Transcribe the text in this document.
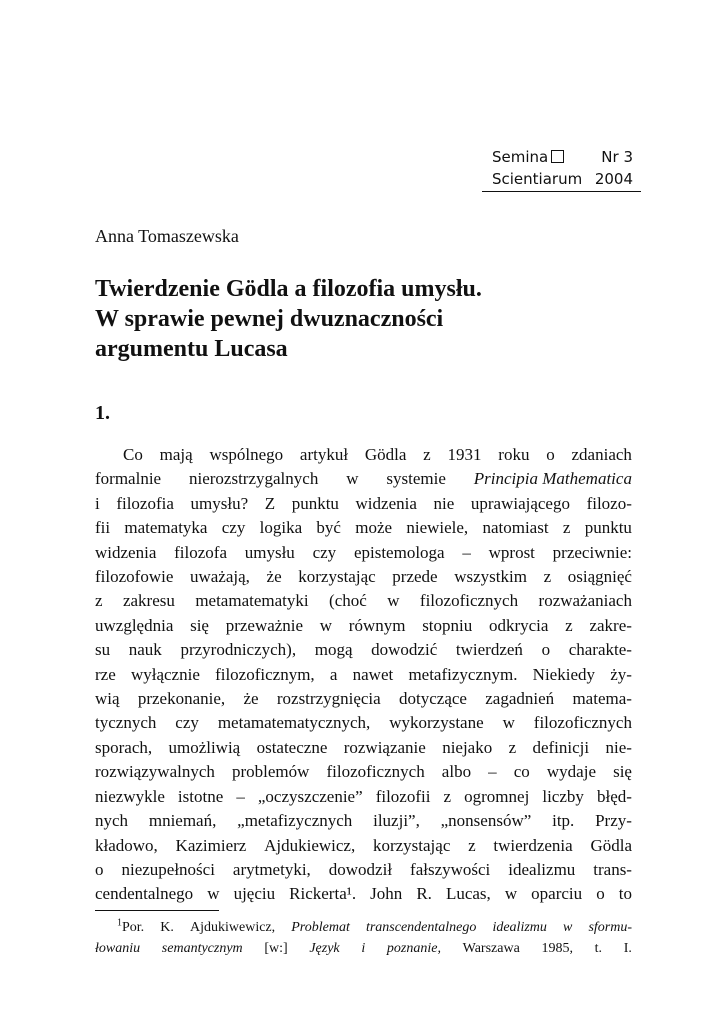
Semina	Nr 3
Scientiarum 2004
Anna Tomaszewska
Twierdzenie Gödla a filozofia umysłu.
W sprawie pewnej dwuznaczności
argumentu Lucasa
1.
Co mają wspólnego artykuł Gödla z 1931 roku o zdaniach
formalnie nierozstrzygalnych w systemie Principia Mathematica
i filozofia umysłu? Z punktu widzenia nie uprawiającego filozo-
fii matematyka czy logika być może niewiele, natomiast z punktu
widzenia filozofa umysłu czy epistemologa – wprost przeciwnie:
filozofowie uważają, że korzystając przede wszystkim z osiągnięć
z zakresu metamatematyki (choć w filozoficznych rozważaniach
uwzględnia się przeważnie w równym stopniu odkrycia z zakre-
su nauk przyrodniczych), mogą dowodzić twierdzeń o charakte-
rze wyłącznie filozoficznym, a nawet metafizycznym. Niekiedy ży-
wią przekonanie, że rozstrzygnięcia dotyczące zagadnień matema-
tycznych czy metamatematycznych, wykorzystane w filozoficznych
sporach, umożliwią ostateczne rozwiązanie niejako z definicji nie-
rozwiązywalnych problemów filozoficznych albo – co wydaje się
niezwykle istotne – „oczyszczenie” filozofii z ogromnej liczby błęd-
nych mniemań, „metafizycznych iluzji”, „nonsensów” itp. Przy-
kładowo, Kazimierz Ajdukiewicz, korzystając z twierdzenia Gödla
o niezupełności arytmetyki, dowodził fałszywości idealizmu trans-
cendentalnego w ujęciu Rickerta¹. John R. Lucas, w oparciu o to
$^1$Por. K. Ajdukiwewicz, Problemat transcendentalnego idealizmu w sformu-
łowaniu semantycznym [w:] Język i poznanie, Warszawa 1985, t. I.
